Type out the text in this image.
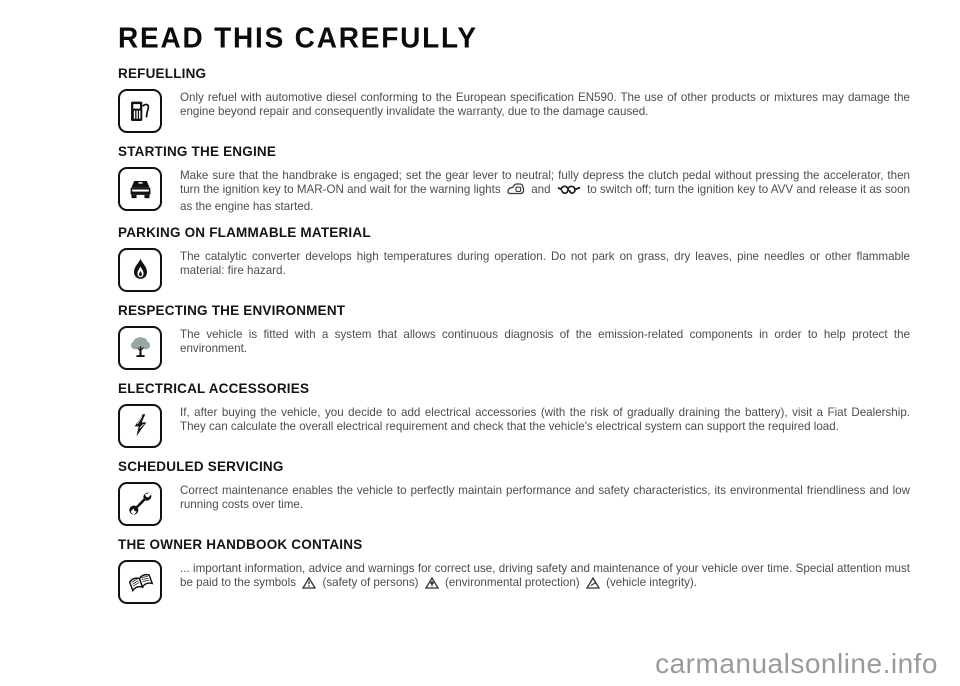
READ THIS CAREFULLY
REFUELLING
Only refuel with automotive diesel conforming to the European specification EN590. The use of other products or mixtures may damage the engine beyond repair and consequently invalidate the warranty, due to the damage caused.
STARTING THE ENGINE
Make sure that the handbrake is engaged; set the gear lever to neutral; fully depress the clutch pedal without pressing the accelerator, then turn the ignition key to MAR-ON and wait for the warning lights	and	to switch off; turn the ignition key to AVV and release it as soon as the engine has started.
PARKING ON FLAMMABLE MATERIAL
The catalytic converter develops high temperatures during operation. Do not park on grass, dry leaves, pine needles or other flammable material: fire hazard.
RESPECTING THE ENVIRONMENT
The vehicle is fitted with a system that allows continuous diagnosis of the emission-related components in order to help protect the environment.
ELECTRICAL ACCESSORIES
If, after buying the vehicle, you decide to add electrical accessories (with the risk of gradually draining the battery), visit a Fiat Dealership. They can calculate the overall electrical requirement and check that the vehicle's electrical system can support the required load.
SCHEDULED SERVICING
Correct maintenance enables the vehicle to perfectly maintain performance and safety characteristics, its environmental friendliness and low running costs over time.
THE OWNER HANDBOOK CONTAINS
... important information, advice and warnings for correct use, driving safety and maintenance of your vehicle over time. Special attention must be paid to the symbols (safety of persons) (environmental protection) (vehicle integrity).
carmanualsonline.info
